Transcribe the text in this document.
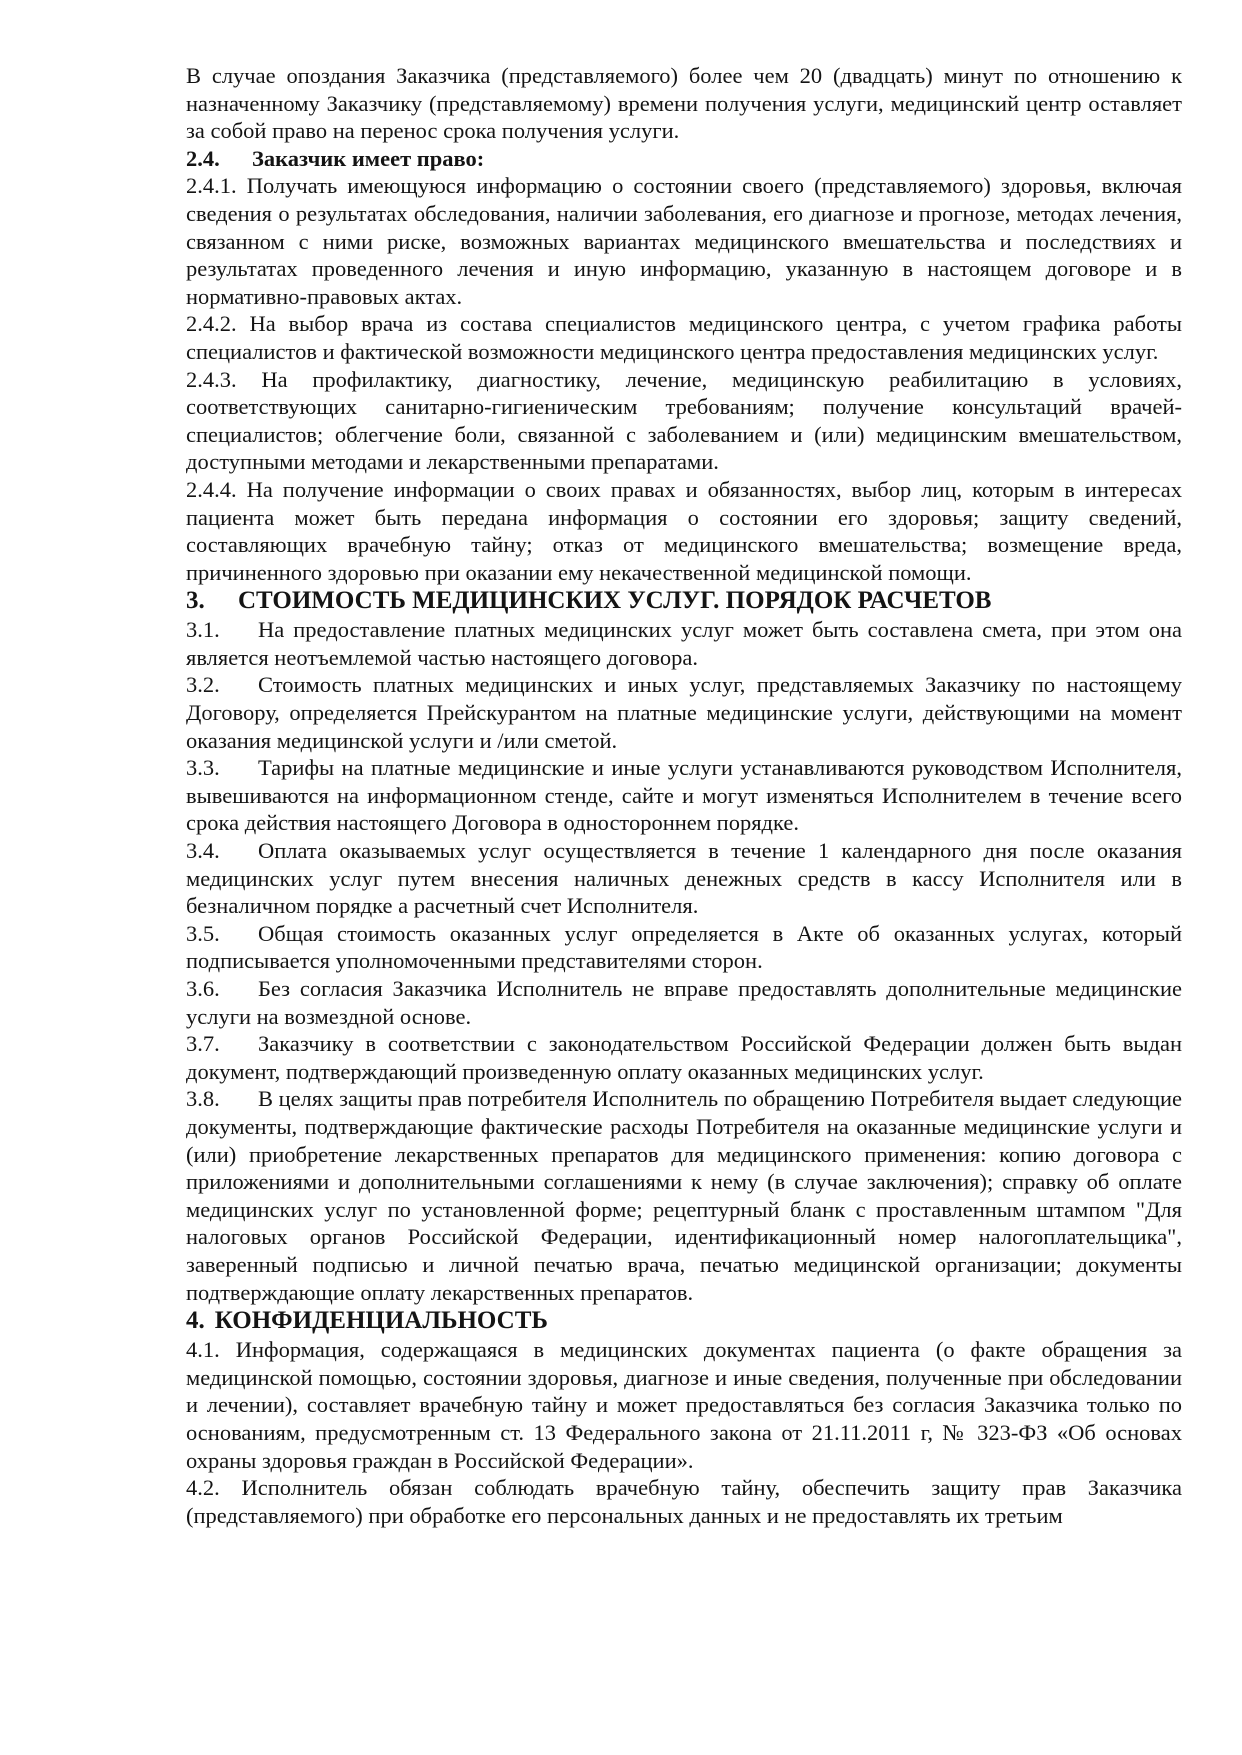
В случае опоздания Заказчика (представляемого) более чем 20 (двадцать) минут по отношению к назначенному Заказчику (представляемому) времени получения услуги, медицинский центр оставляет за собой право на перенос срока получения услуги.

2.4. Заказчик имеет право:

2.4.1. Получать имеющуюся информацию о состоянии своего (представляемого) здоровья, включая сведения о результатах обследования, наличии заболевания, его диагнозе и прогнозе, методах лечения, связанном с ними риске, возможных вариантах медицинского вмешательства и последствиях и результатах проведенного лечения и иную информацию, указанную в настоящем договоре и в нормативно-правовых актах.

2.4.2. На выбор врача из состава специалистов медицинского центра, с учетом графика работы специалистов и фактической возможности медицинского центра предоставления медицинских услуг.

2.4.3. На профилактику, диагностику, лечение, медицинскую реабилитацию в условиях, соответствующих санитарно-гигиеническим требованиям; получение консультаций врачей-специалистов; облегчение боли, связанной с заболеванием и (или) медицинским вмешательством, доступными методами и лекарственными препаратами.

2.4.4. На получение информации о своих правах и обязанностях, выбор лиц, которым в интересах пациента может быть передана информация о состоянии его здоровья; защиту сведений, составляющих врачебную тайну; отказ от медицинского вмешательства; возмещение вреда, причиненного здоровью при оказании ему некачественной медицинской помощи.

3. СТОИМОСТЬ МЕДИЦИНСКИХ УСЛУГ. ПОРЯДОК РАСЧЕТОВ

3.1. На предоставление платных медицинских услуг может быть составлена смета, при этом она является неотъемлемой частью настоящего договора.

3.2. Стоимость платных медицинских и иных услуг, представляемых Заказчику по настоящему Договору, определяется Прейскурантом на платные медицинские услуги, действующими на момент оказания медицинской услуги и /или сметой.

3.3. Тарифы на платные медицинские и иные услуги устанавливаются руководством Исполнителя, вывешиваются на информационном стенде, сайте и могут изменяться Исполнителем в течение всего срока действия настоящего Договора в одностороннем порядке.

3.4. Оплата оказываемых услуг осуществляется в течение 1 календарного дня после оказания медицинских услуг путем внесения наличных денежных средств в кассу Исполнителя или в безналичном порядке а расчетный счет Исполнителя.

3.5. Общая стоимость оказанных услуг определяется в Акте об оказанных услугах, который подписывается уполномоченными представителями сторон.

3.6. Без согласия Заказчика Исполнитель не вправе предоставлять дополнительные медицинские услуги на возмездной основе.

3.7. Заказчику в соответствии с законодательством Российской Федерации должен быть выдан документ, подтверждающий произведенную оплату оказанных медицинских услуг.

3.8. В целях защиты прав потребителя Исполнитель по обращению Потребителя выдает следующие документы, подтверждающие фактические расходы Потребителя на оказанные медицинские услуги и (или) приобретение лекарственных препаратов для медицинского применения: копию договора с приложениями и дополнительными соглашениями к нему (в случае заключения); справку об оплате медицинских услуг по установленной форме; рецептурный бланк с проставленным штампом "Для налоговых органов Российской Федерации, идентификационный номер налогоплательщика", заверенный подписью и личной печатью врача, печатью медицинской организации; документы подтверждающие оплату лекарственных препаратов.

4. КОНФИДЕНЦИАЛЬНОСТЬ

4.1. Информация, содержащаяся в медицинских документах пациента (о факте обращения за медицинской помощью, состоянии здоровья, диагнозе и иные сведения, полученные при обследовании и лечении), составляет врачебную тайну и может предоставляться без согласия Заказчика только по основаниям, предусмотренным ст. 13 Федерального закона от 21.11.2011 г, № 323-ФЗ «Об основах охраны здоровья граждан в Российской Федерации».

4.2. Исполнитель обязан соблюдать врачебную тайну, обеспечить защиту прав Заказчика (представляемого) при обработке его персональных данных и не предоставлять их третьим
